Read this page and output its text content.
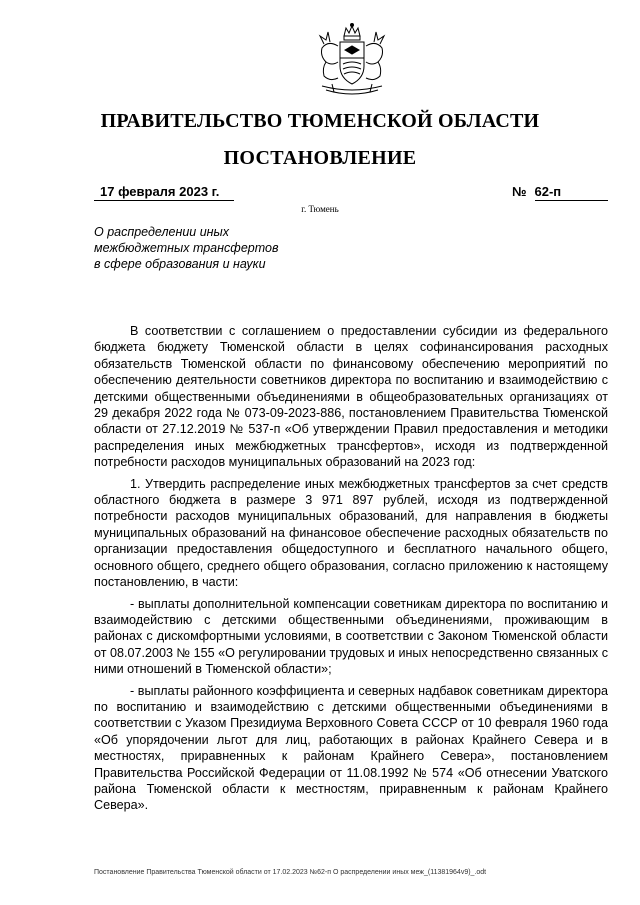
ПРАВИТЕЛЬСТВО ТЮМЕНСКОЙ ОБЛАСТИ
ПОСТАНОВЛЕНИЕ
17 февраля 2023 г.	№ 62-п
г. Тюмень
О распределении иных
межбюджетных трансфертов
в сфере образования и науки

В соответствии с соглашением о предоставлении субсидии из федерального бюджета бюджету Тюменской области в целях софинансирования расходных обязательств Тюменской области по финансовому обеспечению мероприятий по обеспечению деятельности советников директора по воспитанию и взаимодействию с детскими общественными объединениями в общеобразовательных организациях от 29 декабря 2022 года № 073-09-2023-886, постановлением Правительства Тюменской области от 27.12.2019 № 537-п «Об утверждении Правил предоставления и методики распределения иных межбюджетных трансфертов», исходя из подтвержденной потребности расходов муниципальных образований на 2023 год:

1. Утвердить распределение иных межбюджетных трансфертов за счет средств областного бюджета в размере 3 971 897 рублей, исходя из подтвержденной потребности расходов муниципальных образований, для направления в бюджеты муниципальных образований на финансовое обеспечение расходных обязательств по организации предоставления общедоступного и бесплатного начального общего, основного общего, среднего общего образования, согласно приложению к настоящему постановлению, в части:

- выплаты дополнительной компенсации советникам директора по воспитанию и взаимодействию с детскими общественными объединениями, проживающим в районах с дискомфортными условиями, в соответствии с Законом Тюменской области от 08.07.2003 № 155 «О регулировании трудовых и иных непосредственно связанных с ними отношений в Тюменской области»;

- выплаты районного коэффициента и северных надбавок советникам директора по воспитанию и взаимодействию с детскими общественными объединениями в соответствии с Указом Президиума Верховного Совета СССР от 10 февраля 1960 года «Об упорядочении льгот для лиц, работающих в районах Крайнего Севера и в местностях, приравненных к районам Крайнего Севера», постановлением Правительства Российской Федерации от 11.08.1992 № 574 «Об отнесении Уватского района Тюменской области к местностям, приравненным к районам Крайнего Севера».

Постановление Правительства Тюменской области от 17.02.2023 №62-п О распределении иных меж_(11381964v9)_.odt
